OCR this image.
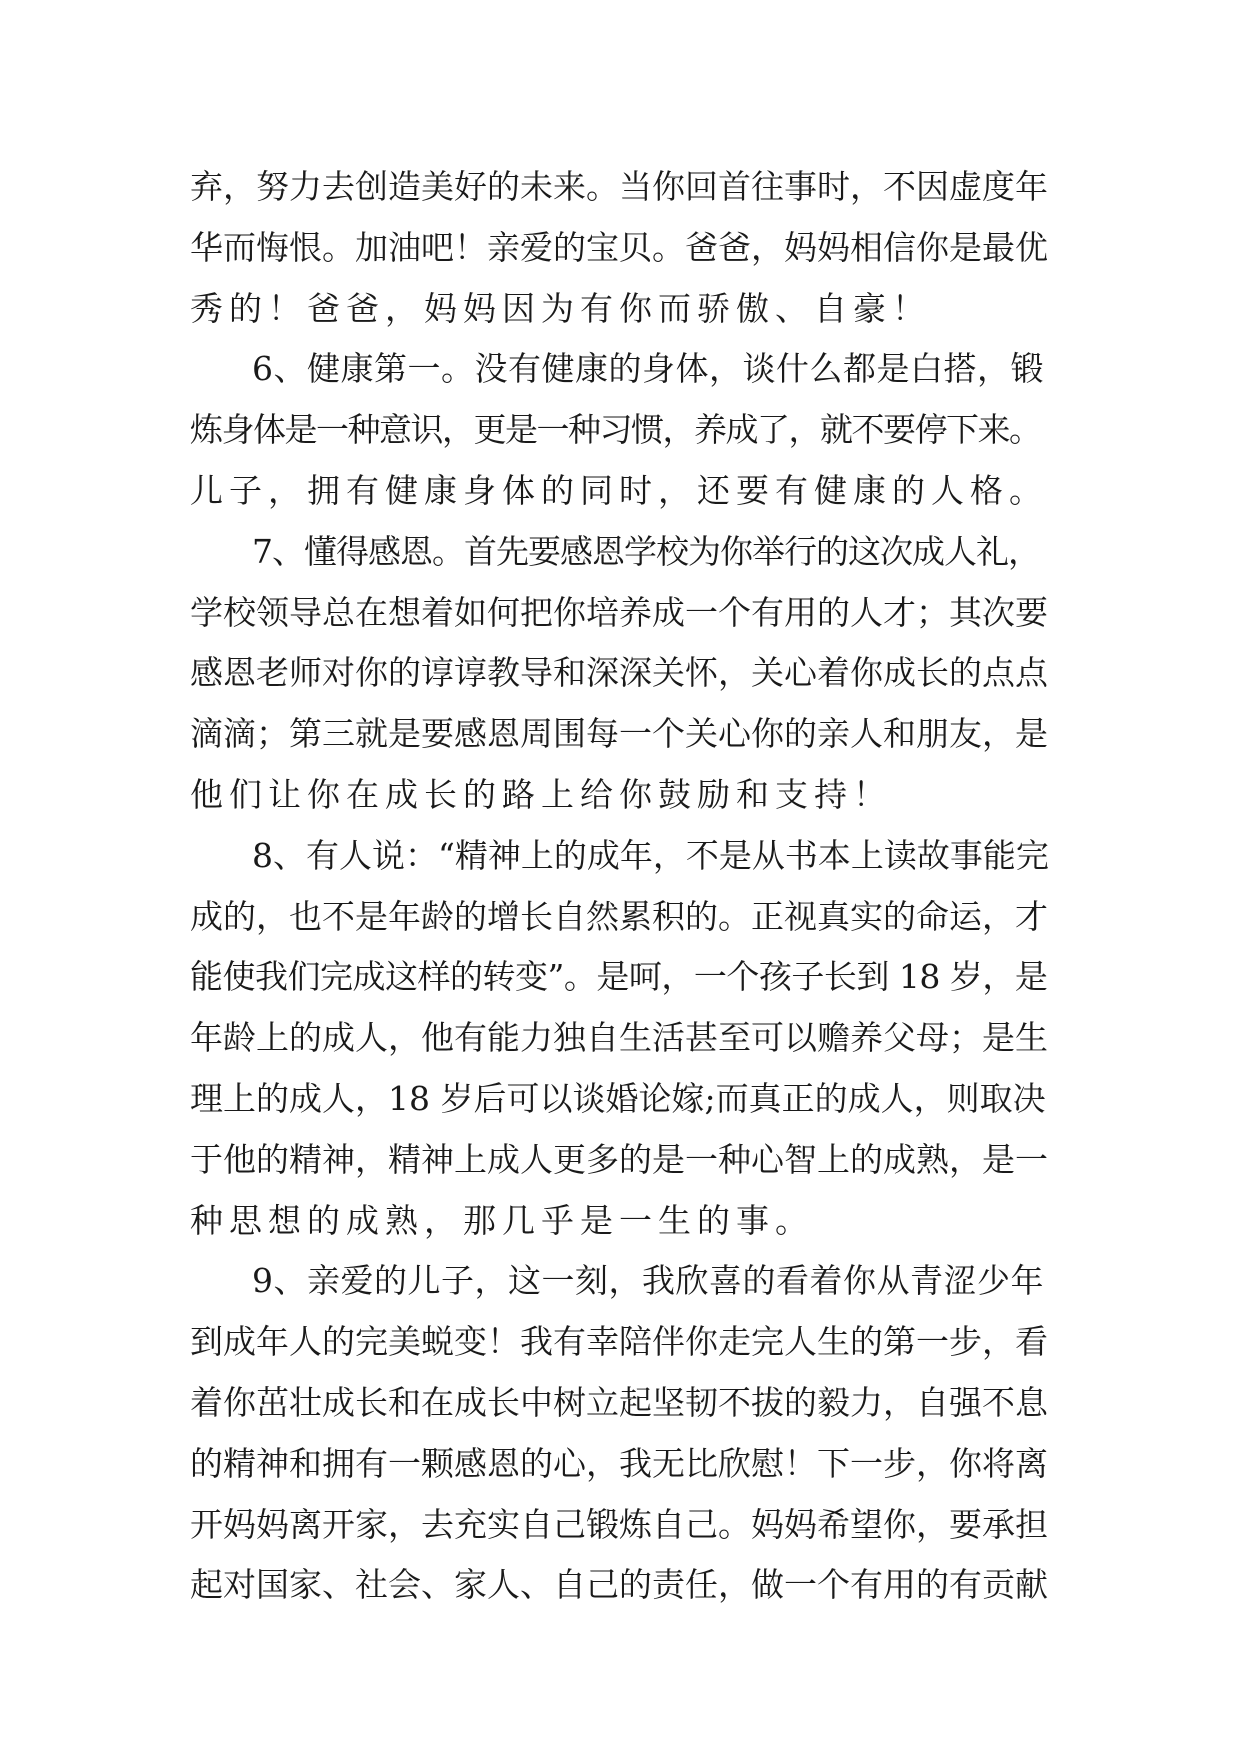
弃，努力去创造美好的未来。当你回首往事时，不因虚度年
华而悔恨。加油吧！亲爱的宝贝。爸爸，妈妈相信你是最优
秀的！爸爸，妈妈因为有你而骄傲、自豪！
6、健康第一。没有健康的身体，谈什么都是白搭，锻
炼身体是一种意识，更是一种习惯，养成了，就不要停下来。
儿子，拥有健康身体的同时，还要有健康的人格。
7、懂得感恩。首先要感恩学校为你举行的这次成人礼，
学校领导总在想着如何把你培养成一个有用的人才；其次要
感恩老师对你的谆谆教导和深深关怀，关心着你成长的点点
滴滴；第三就是要感恩周围每一个关心你的亲人和朋友，是
他们让你在成长的路上给你鼓励和支持！
8、有人说：“精神上的成年，不是从书本上读故事能完
成的，也不是年龄的增长自然累积的。正视真实的命运，才
能使我们完成这样的转变”。是呵，一个孩子长到 18 岁，是
年龄上的成人，他有能力独自生活甚至可以赡养父母；是生
理上的成人，18 岁后可以谈婚论嫁;而真正的成人，则取决
于他的精神，精神上成人更多的是一种心智上的成熟，是一
种思想的成熟，那几乎是一生的事。
9、亲爱的儿子，这一刻，我欣喜的看着你从青涩少年
到成年人的完美蜕变！我有幸陪伴你走完人生的第一步，看
着你茁壮成长和在成长中树立起坚韧不拔的毅力，自强不息
的精神和拥有一颗感恩的心，我无比欣慰！下一步，你将离
开妈妈离开家，去充实自己锻炼自己。妈妈希望你，要承担
起对国家、社会、家人、自己的责任，做一个有用的有贡献
